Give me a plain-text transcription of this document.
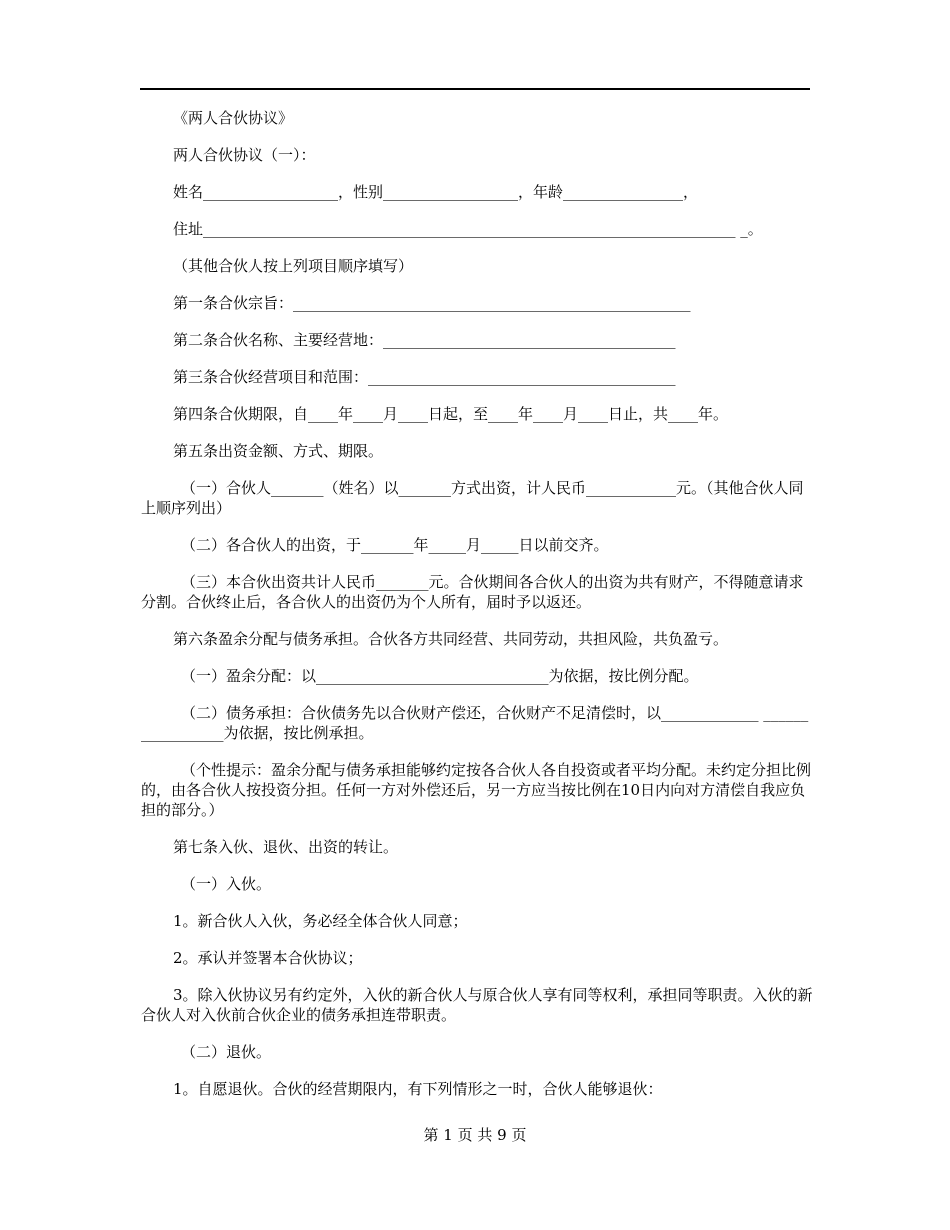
《两人合伙协议》

两人合伙协议（一）：

姓名__________________，性别__________________，年龄________________，

住址_______________________________________________________________________ _。

（其他合伙人按上列项目顺序填写）

第一条合伙宗旨：_____________________________________________________

第二条合伙名称、主要经营地：_______________________________________

第三条合伙经营项目和范围：_________________________________________

第四条合伙期限，自____年____月____日起，至____年____月____日止，共____年。

第五条出资金额、方式、期限。

（一）合伙人_______（姓名）以_______方式出资，计人民币____________元。（其他合伙人同上顺序列出）

（二）各合伙人的出资，于_______年_____月_____日以前交齐。

（三）本合伙出资共计人民币_______元。合伙期间各合伙人的出资为共有财产，不得随意请求分割。合伙终止后，各合伙人的出资仍为个人所有，届时予以返还。

第六条盈余分配与债务承担。合伙各方共同经营、共同劳动，共担风险，共负盈亏。

（一）盈余分配：以_______________________________为依据，按比例分配。

（二）债务承担：合伙债务先以合伙财产偿还，合伙财产不足清偿时，以_____________ _________________为依据，按比例承担。

（个性提示：盈余分配与债务承担能够约定按各合伙人各自投资或者平均分配。未约定分担比例的，由各合伙人按投资分担。任何一方对外偿还后，另一方应当按比例在10日内向对方清偿自我应负担的部分。）

第七条入伙、退伙、出资的转让。

（一）入伙。

1。新合伙人入伙，务必经全体合伙人同意；

2。承认并签署本合伙协议；

3。除入伙协议另有约定外，入伙的新合伙人与原合伙人享有同等权利，承担同等职责。入伙的新合伙人对入伙前合伙企业的债务承担连带职责。

（二）退伙。

1。自愿退伙。合伙的经营期限内，有下列情形之一时，合伙人能够退伙：

第 1 页 共 9 页
